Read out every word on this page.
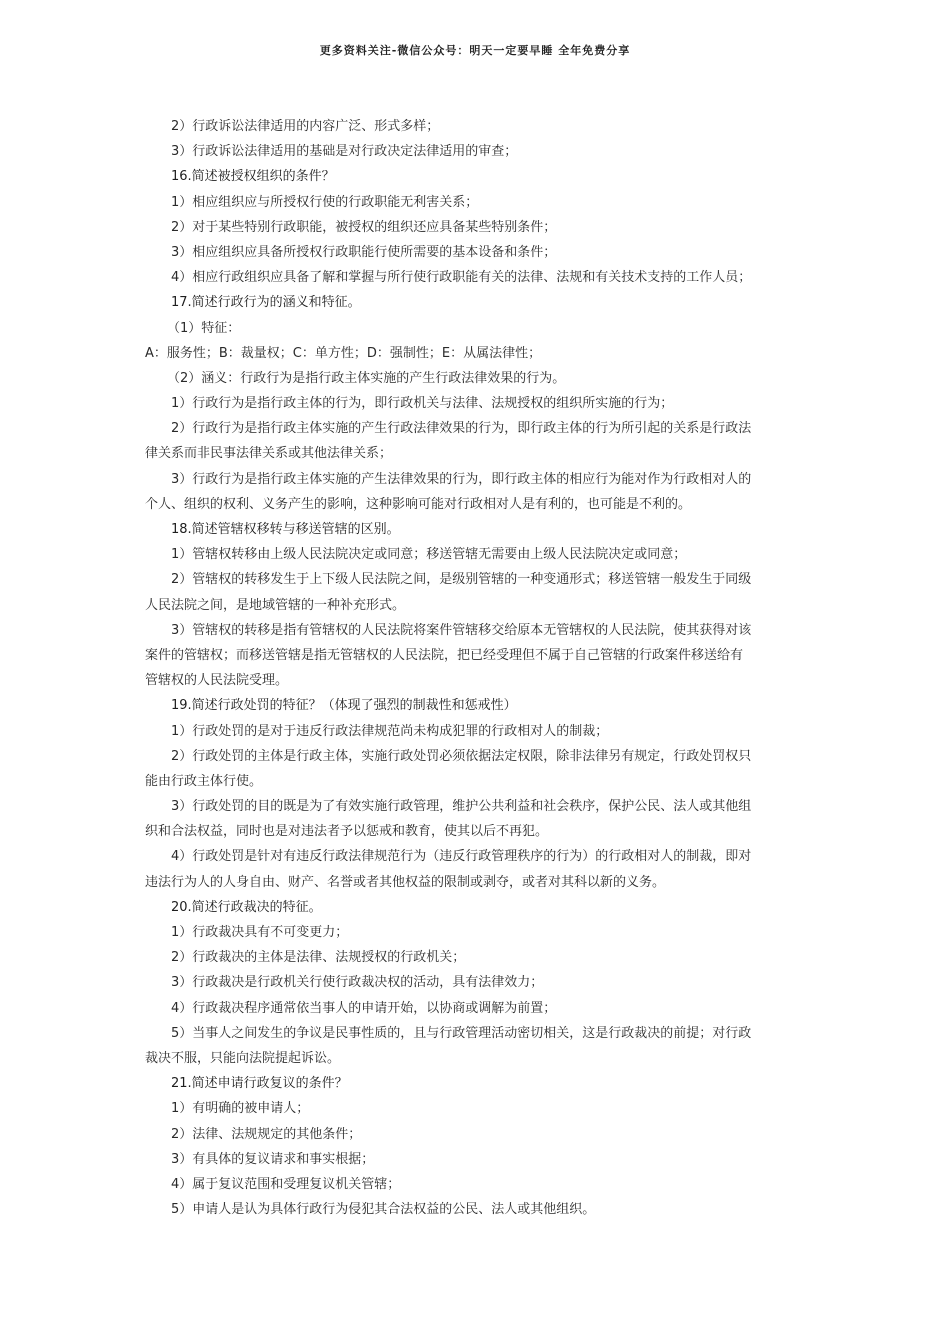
更多资料关注-微信公众号：明天一定要早睡 全年免费分享
2）行政诉讼法律适用的内容广泛、形式多样；
3）行政诉讼法律适用的基础是对行政决定法律适用的审查；
16.简述被授权组织的条件？
1）相应组织应与所授权行使的行政职能无利害关系；
2）对于某些特别行政职能，被授权的组织还应具备某些特别条件；
3）相应组织应具备所授权行政职能行使所需要的基本设备和条件；
4）相应行政组织应具备了解和掌握与所行使行政职能有关的法律、法规和有关技术支持的工作人员；
17.简述行政行为的涵义和特征。
（1）特征：
A：服务性；B：裁量权；C：单方性；D：强制性；E：从属法律性；
（2）涵义：行政行为是指行政主体实施的产生行政法律效果的行为。
1）行政行为是指行政主体的行为，即行政机关与法律、法规授权的组织所实施的行为；
2）行政行为是指行政主体实施的产生行政法律效果的行为，即行政主体的行为所引起的关系是行政法
律关系而非民事法律关系或其他法律关系；
3）行政行为是指行政主体实施的产生法律效果的行为，即行政主体的相应行为能对作为行政相对人的
个人、组织的权利、义务产生的影响，这种影响可能对行政相对人是有利的，也可能是不利的。
18.简述管辖权移转与移送管辖的区别。
1）管辖权转移由上级人民法院决定或同意；移送管辖无需要由上级人民法院决定或同意；
2）管辖权的转移发生于上下级人民法院之间，是级别管辖的一种变通形式；移送管辖一般发生于同级
人民法院之间，是地域管辖的一种补充形式。
3）管辖权的转移是指有管辖权的人民法院将案件管辖移交给原本无管辖权的人民法院，使其获得对该
案件的管辖权；而移送管辖是指无管辖权的人民法院，把已经受理但不属于自己管辖的行政案件移送给有
管辖权的人民法院受理。
19.简述行政处罚的特征？（体现了强烈的制裁性和惩戒性）
1）行政处罚的是对于违反行政法律规范尚未构成犯罪的行政相对人的制裁；
2）行政处罚的主体是行政主体，实施行政处罚必须依据法定权限，除非法律另有规定，行政处罚权只
能由行政主体行使。
3）行政处罚的目的既是为了有效实施行政管理，维护公共利益和社会秩序，保护公民、法人或其他组
织和合法权益，同时也是对违法者予以惩戒和教育，使其以后不再犯。
4）行政处罚是针对有违反行政法律规范行为（违反行政管理秩序的行为）的行政相对人的制裁，即对
违法行为人的人身自由、财产、名誉或者其他权益的限制或剥夺，或者对其科以新的义务。
20.简述行政裁决的特征。
1）行政裁决具有不可变更力；
2）行政裁决的主体是法律、法规授权的行政机关；
3）行政裁决是行政机关行使行政裁决权的活动，具有法律效力；
4）行政裁决程序通常依当事人的申请开始，以协商或调解为前置；
5）当事人之间发生的争议是民事性质的，且与行政管理活动密切相关，这是行政裁决的前提；对行政
裁决不服，只能向法院提起诉讼。
21.简述申请行政复议的条件？
1）有明确的被申请人；
2）法律、法规规定的其他条件；
3）有具体的复议请求和事实根据；
4）属于复议范围和受理复议机关管辖；
5）申请人是认为具体行政行为侵犯其合法权益的公民、法人或其他组织。
